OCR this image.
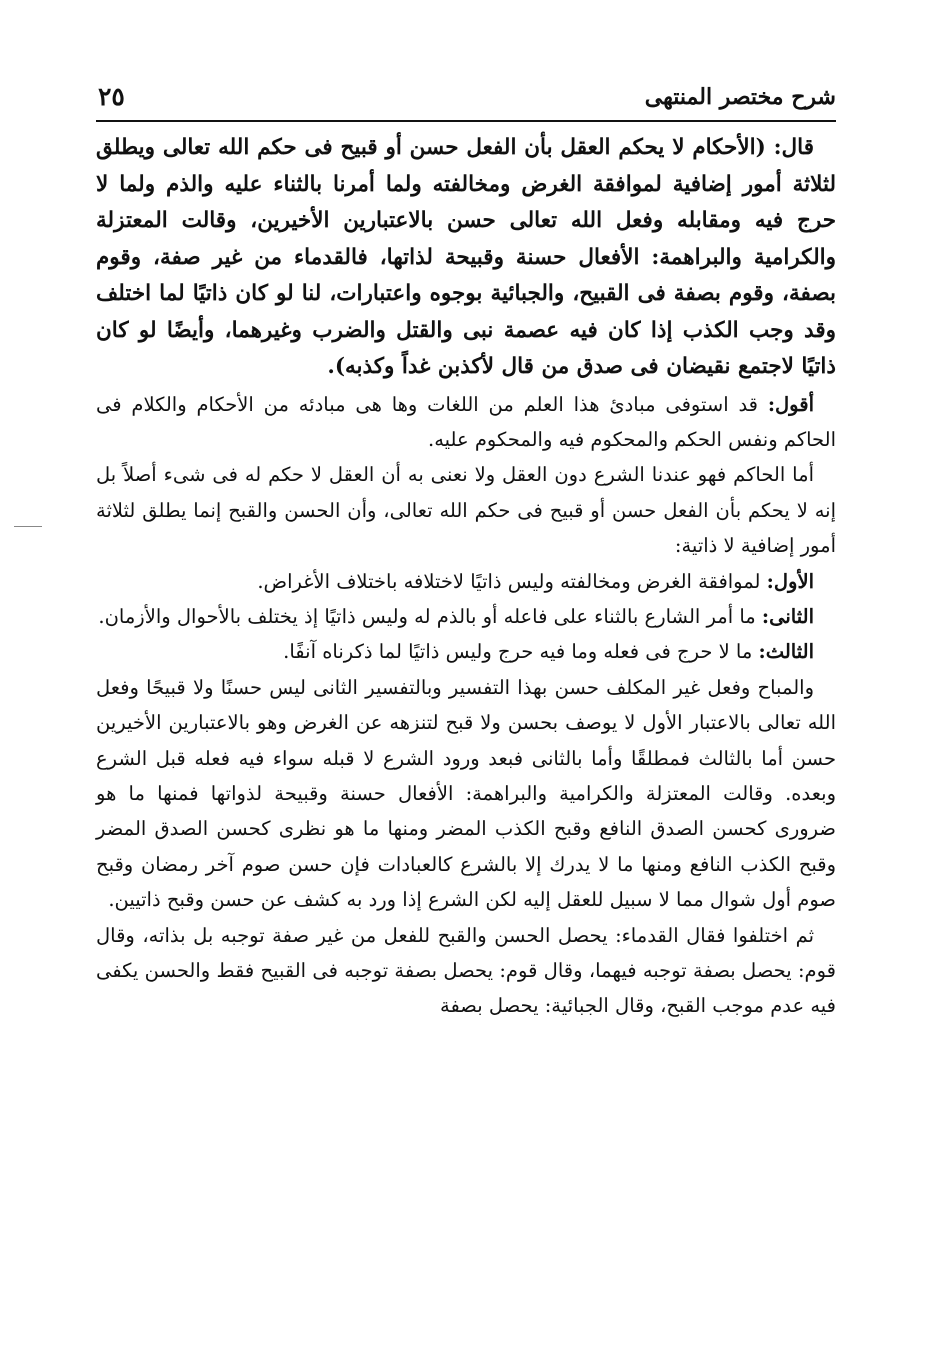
٢٥	شرح مختصر المنتهى

قال: (الأحكام لا يحكم العقل بأن الفعل حسن أو قبيح فى حكم الله تعالى ويطلق لثلاثة أمور إضافية لموافقة الغرض ومخالفته ولما أمرنا بالثناء عليه والذم ولما لا حرج فيه ومقابله وفعل الله تعالى حسن بالاعتبارين الأخيرين، وقالت المعتزلة والكرامية والبراهمة: الأفعال حسنة وقبيحة لذاتها، فالقدماء من غير صفة، وقوم بصفة، وقوم بصفة فى القبيح، والجبائية بوجوه واعتبارات، لنا لو كان ذاتيًا لما اختلف وقد وجب الكذب إذا كان فيه عصمة نبى والقتل والضرب وغيرهما، وأيضًا لو كان ذاتيًا لاجتمع نقيضان فى صدق من قال لأكذبن غداً وكذبه).

أقول: قد استوفى مبادئ هذا العلم من اللغات وها هى مبادئه من الأحكام والكلام فى الحاكم ونفس الحكم والمحكوم فيه والمحكوم عليه.

أما الحاكم فهو عندنا الشرع دون العقل ولا نعنى به أن العقل لا حكم له فى شىء أصلاً بل إنه لا يحكم بأن الفعل حسن أو قبيح فى حكم الله تعالى، وأن الحسن والقبح إنما يطلق لثلاثة أمور إضافية لا ذاتية:

الأول: لموافقة الغرض ومخالفته وليس ذاتيًا لاختلافه باختلاف الأغراض.

الثانى: ما أمر الشارع بالثناء على فاعله أو بالذم له وليس ذاتيًا إذ يختلف بالأحوال والأزمان.

الثالث: ما لا حرج فى فعله وما فيه حرج وليس ذاتيًا لما ذكرناه آنفًا.

والمباح وفعل غير المكلف حسن بهذا التفسير وبالتفسير الثانى ليس حسنًا ولا قبيحًا وفعل الله تعالى بالاعتبار الأول لا يوصف بحسن ولا قبح لتنزهه عن الغرض وهو بالاعتبارين الأخيرين حسن أما بالثالث فمطلقًا وأما بالثانى فبعد ورود الشرع لا قبله سواء فيه فعله قبل الشرع وبعده. وقالت المعتزلة والكرامية والبراهمة: الأفعال حسنة وقبيحة لذواتها فمنها ما هو ضرورى كحسن الصدق النافع وقبح الكذب المضر ومنها ما هو نظرى كحسن الصدق المضر وقبح الكذب النافع ومنها ما لا يدرك إلا بالشرع كالعبادات فإن حسن صوم آخر رمضان وقبح صوم أول شوال مما لا سبيل للعقل إليه لكن الشرع إذا ورد به كشف عن حسن وقبح ذاتيين.

ثم اختلفوا فقال القدماء: يحصل الحسن والقبح للفعل من غير صفة توجبه بل بذاته، وقال قوم: يحصل بصفة توجبه فيهما، وقال قوم: يحصل بصفة توجبه فى القبيح فقط والحسن يكفى فيه عدم موجب القبح، وقال الجبائية: يحصل بصفة
